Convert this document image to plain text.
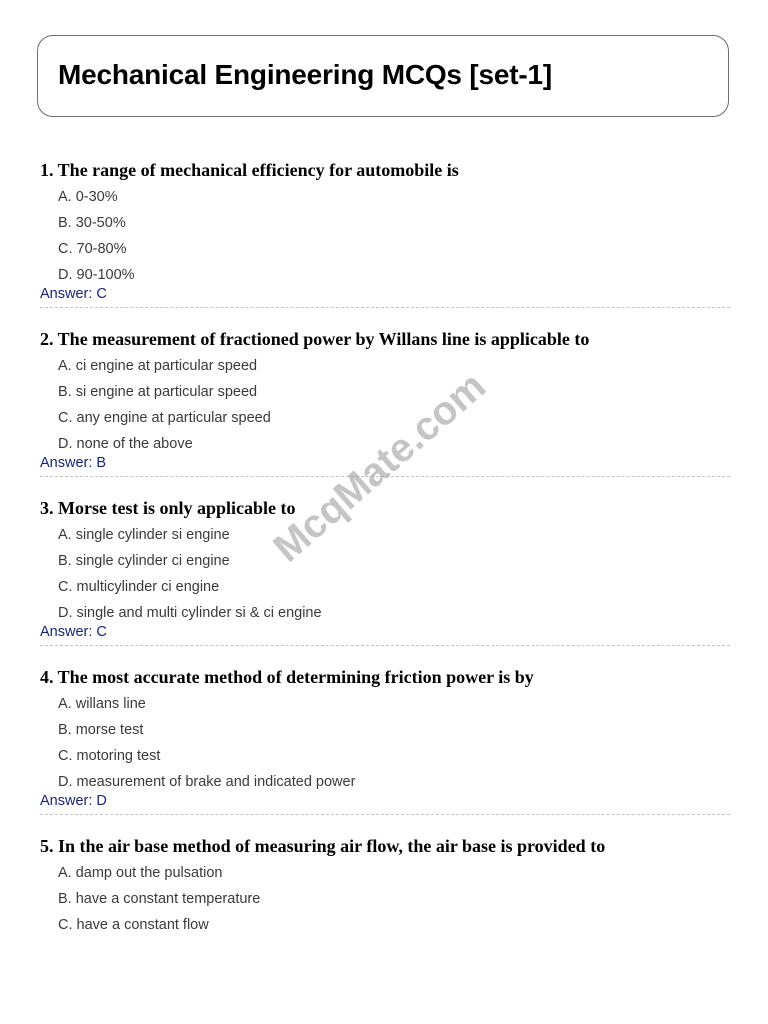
Mechanical Engineering MCQs [set-1]
1. The range of mechanical efficiency for automobile is
A. 0-30%
B. 30-50%
C. 70-80%
D. 90-100%
Answer: C
2. The measurement of fractioned power by Willans line is applicable to
A. ci engine at particular speed
B. si engine at particular speed
C. any engine at particular speed
D. none of the above
Answer: B
3. Morse test is only applicable to
A. single cylinder si engine
B. single cylinder ci engine
C. multicylinder ci engine
D. single and multi cylinder si & ci engine
Answer: C
4. The most accurate method of determining friction power is by
A. willans line
B. morse test
C. motoring test
D. measurement of brake and indicated power
Answer: D
5. In the air base method of measuring air flow, the air base is provided to
A. damp out the pulsation
B. have a constant temperature
C. have a constant flow
McqMate.com
